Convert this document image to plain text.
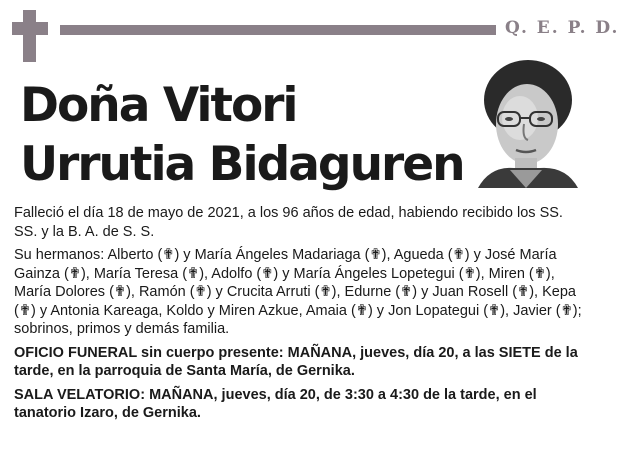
Q. E. P. D.
Doña Vitori
Urrutia Bidaguren

Falleció el día 18 de mayo de 2021, a los 96 años de edad, habiendo recibido los SS. SS. y la B. A. de S. S.

Su hermanos: Alberto (✟) y María Ángeles Madariaga (✟), Agueda (✟) y José María Gainza (✟), María Teresa (✟), Adolfo (✟) y María Ángeles Lopetegui (✟), Miren (✟), María Dolores (✟), Ramón (✟) y Crucita Arruti (✟), Edurne (✟) y Juan Rosell (✟), Kepa (✟) y Antonia Kareaga, Koldo y Miren Azkue, Amaia (✟) y Jon Lopategui (✟), Javier (✟); sobrinos, primos y demás familia.

OFICIO FUNERAL sin cuerpo presente: MAÑANA, jueves, día 20, a las SIETE de la tarde, en la parroquia de Santa María, de Gernika.

SALA VELATORIO: MAÑANA, jueves, día 20, de 3:30 a 4:30 de la tarde, en el tanatorio Izaro, de Gernika.
